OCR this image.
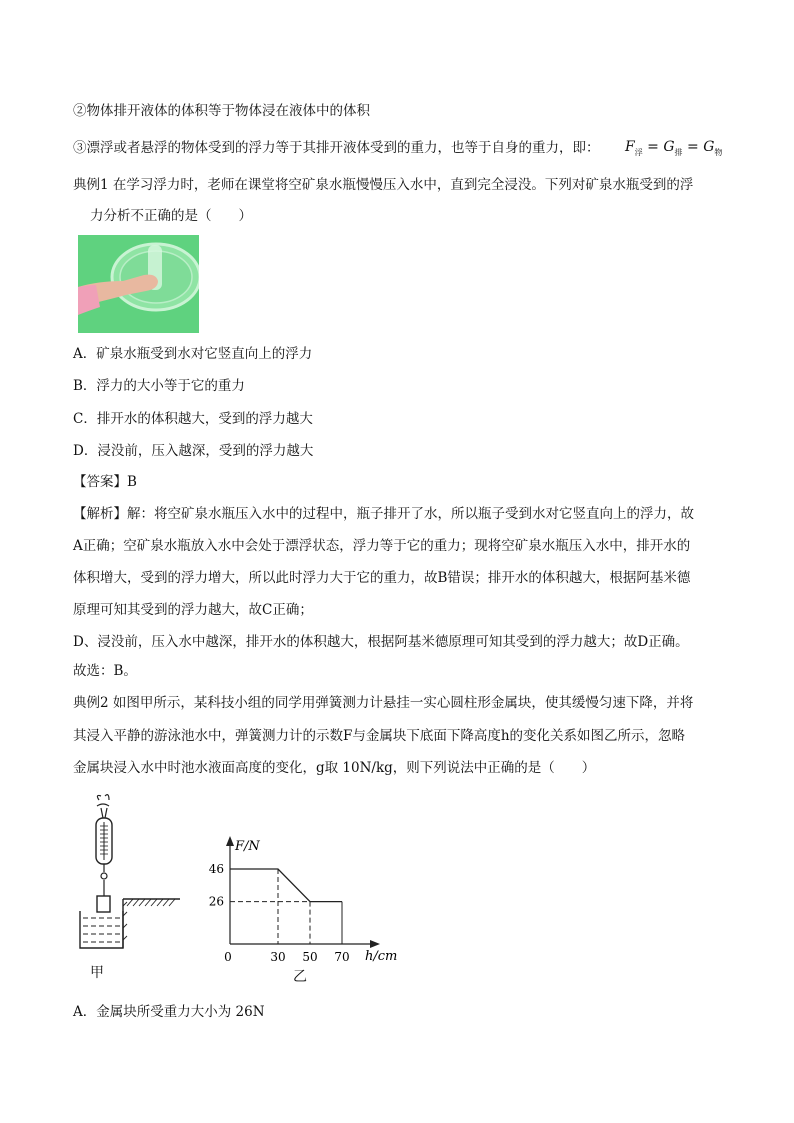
②物体排开液体的体积等于物体浸在液体中的体积
③漂浮或者悬浮的物体受到的浮力等于其排开液体受到的重力，也等于自身的重力，即： $F_浮 = G_排 = G_物$
典例1 在学习浮力时，老师在课堂将空矿泉水瓶慢慢压入水中，直到完全浸没。下列对矿泉水瓶受到的浮
力分析不正确的是（　　）
A．矿泉水瓶受到水对它竖直向上的浮力
B．浮力的大小等于它的重力
C．排开水的体积越大，受到的浮力越大
D．浸没前，压入越深，受到的浮力越大
【答案】B
【解析】解：将空矿泉水瓶压入水中的过程中，瓶子排开了水，所以瓶子受到水对它竖直向上的浮力，故
A正确；空矿泉水瓶放入水中会处于漂浮状态，浮力等于它的重力；现将空矿泉水瓶压入水中，排开水的
体积增大，受到的浮力增大，所以此时浮力大于它的重力，故B错误；排开水的体积越大，根据阿基米德
原理可知其受到的浮力越大，故C正确；
D、浸没前，压入水中越深，排开水的体积越大，根据阿基米德原理可知其受到的浮力越大；故D正确。
故选：B。
典例2 如图甲所示，某科技小组的同学用弹簧测力计悬挂一实心圆柱形金属块，使其缓慢匀速下降，并将
其浸入平静的游泳池水中，弹簧测力计的示数F与金属块下底面下降高度h的变化关系如图乙所示，忽略
金属块浸入水中时池水液面高度的变化，g取 10N/kg，则下列说法中正确的是（　　）
甲
F/N
h/cm
0	30 50 70
46
26
乙
A．金属块所受重力大小为 26N
